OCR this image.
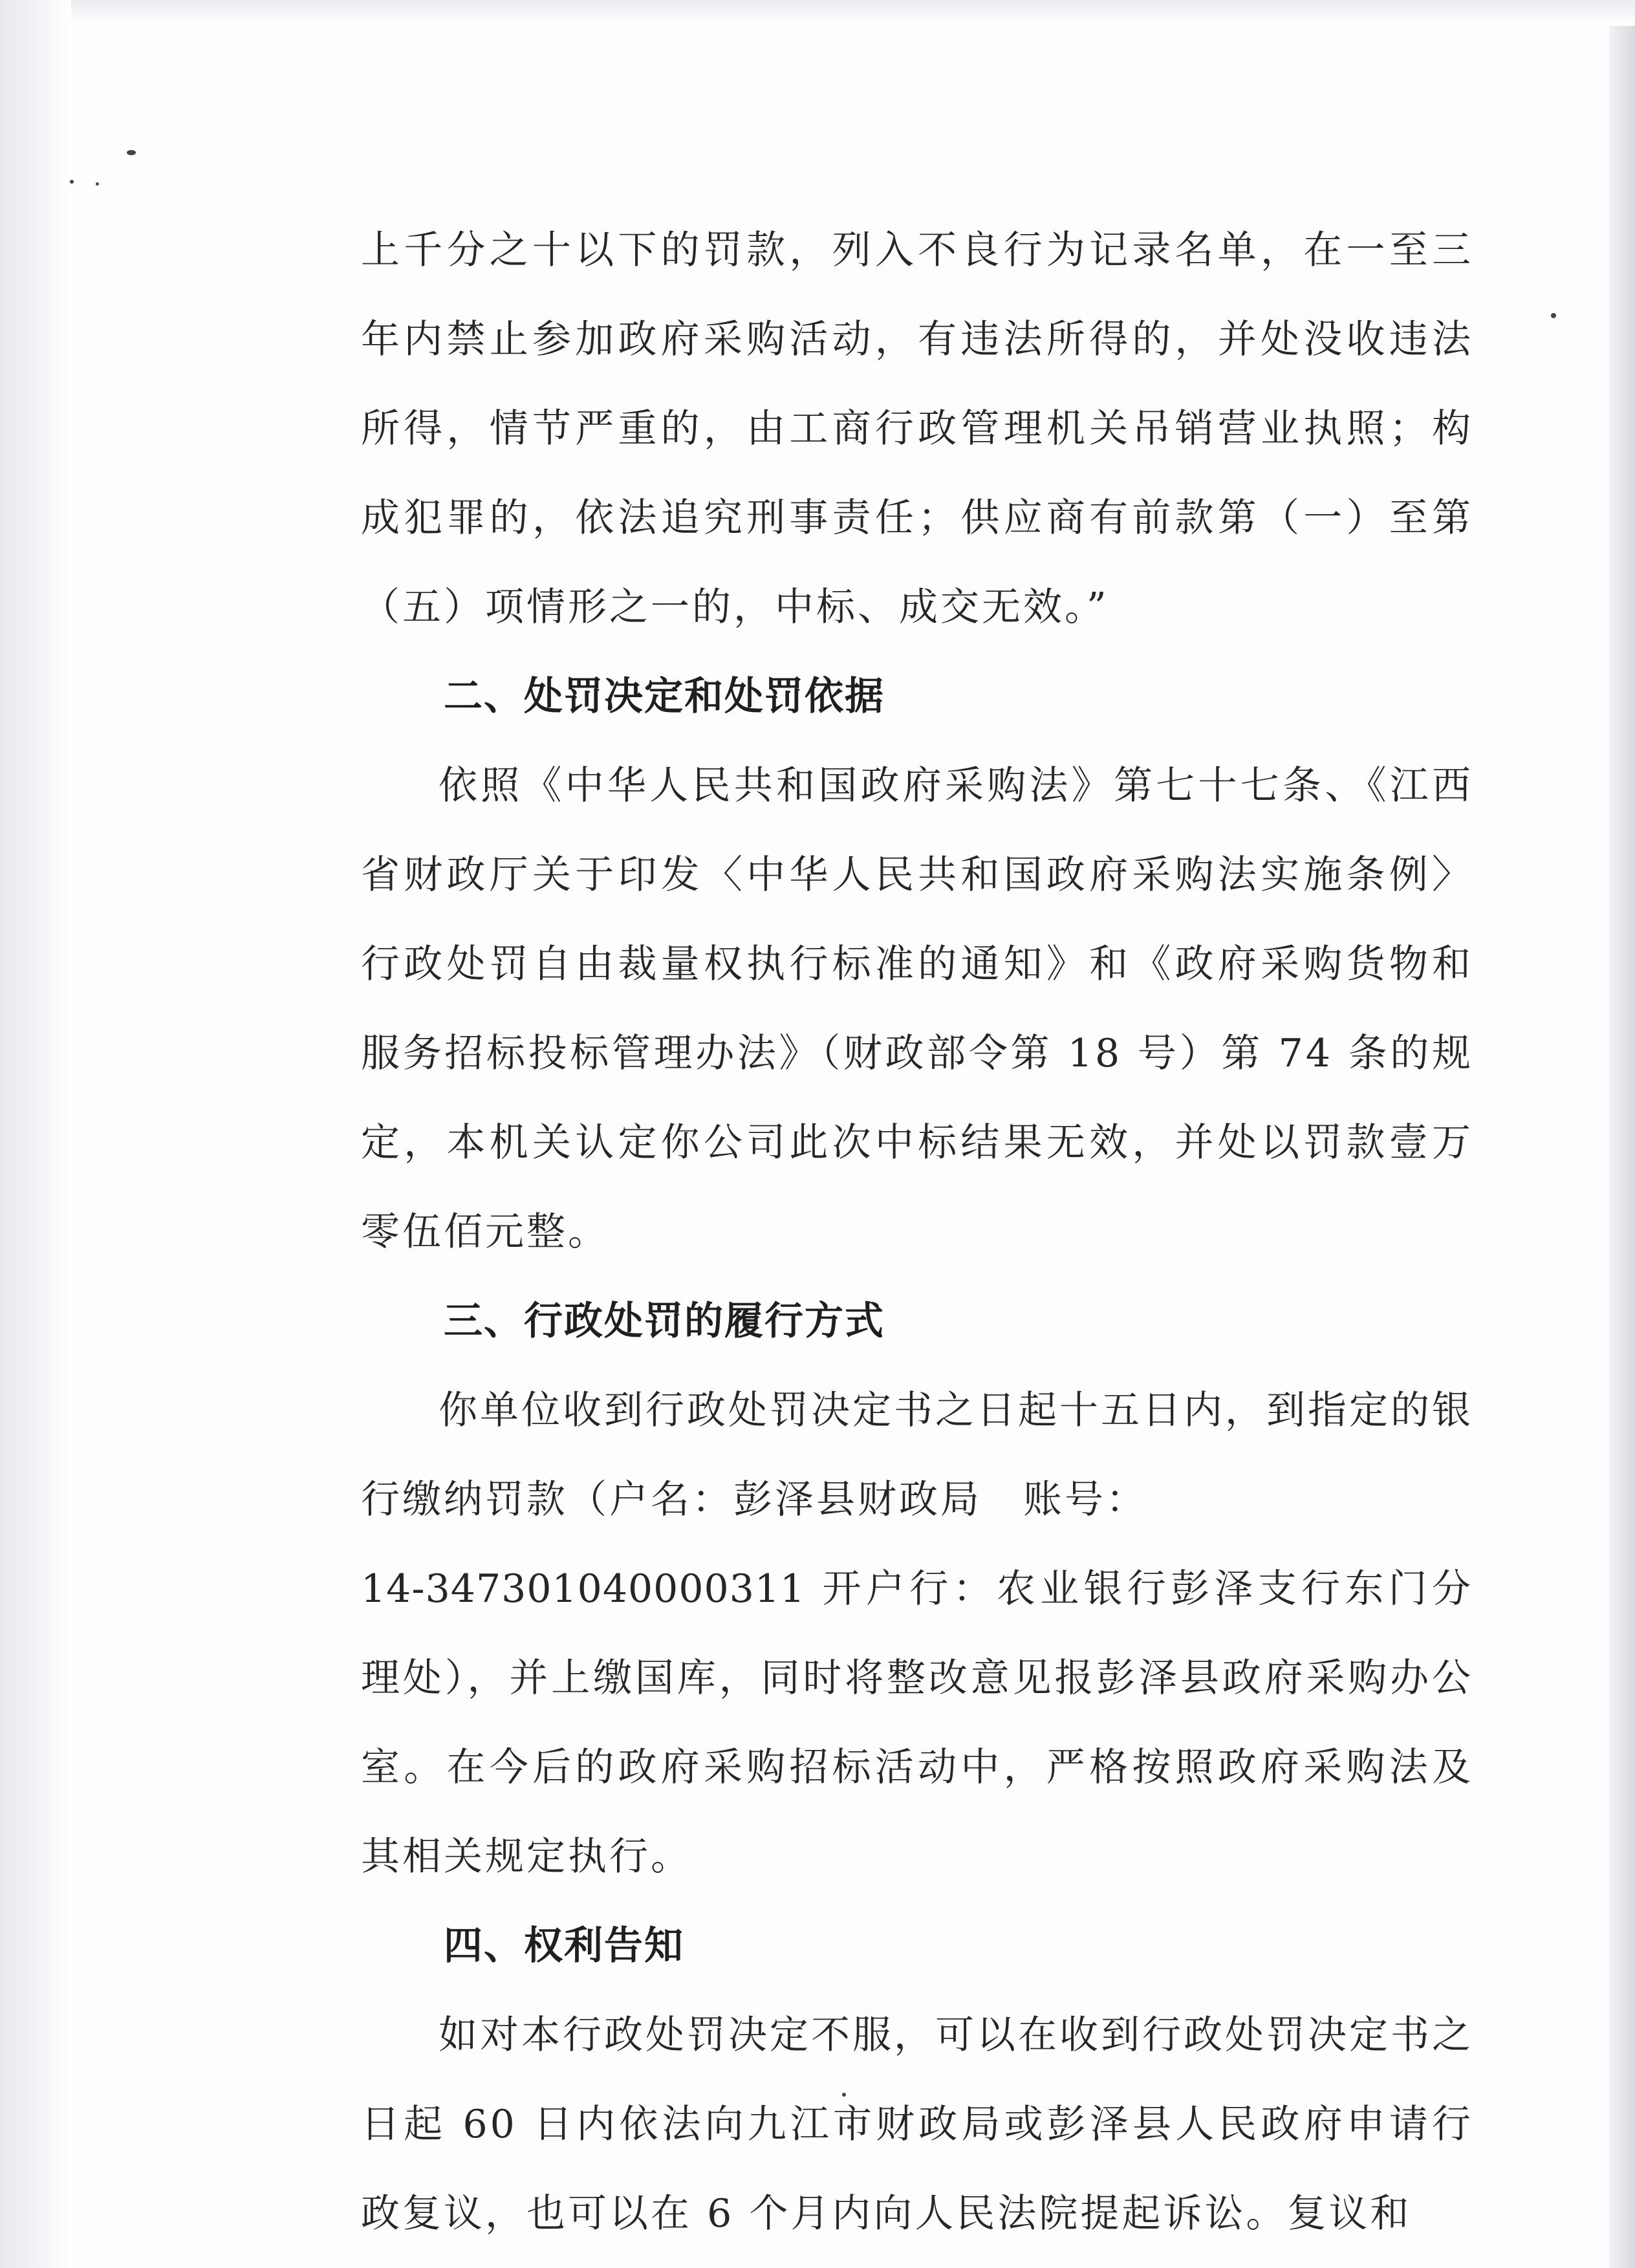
上千分之十以下的罚款，列入不良行为记录名单，在一至三年内禁止参加政府采购活动，有违法所得的，并处没收违法所得，情节严重的，由工商行政管理机关吊销营业执照；构成犯罪的，依法追究刑事责任；供应商有前款第（一）至第（五）项情形之一的，中标、成交无效。”

二、处罚决定和处罚依据

依照《中华人民共和国政府采购法》第七十七条、《江西省财政厅关于印发〈中华人民共和国政府采购法实施条例〉行政处罚自由裁量权执行标准的通知》和《政府采购货物和服务招标投标管理办法》（财政部令第 18 号）第 74 条的规定，本机关认定你公司此次中标结果无效，并处以罚款壹万零伍佰元整。

三、行政处罚的履行方式

你单位收到行政处罚决定书之日起十五日内，到指定的银行缴纳罚款（户名：彭泽县财政局　账号：
14-347301040000311 开户行：农业银行彭泽支行东门分理处），并上缴国库，同时将整改意见报彭泽县政府采购办公室。在今后的政府采购招标活动中，严格按照政府采购法及其相关规定执行。

四、权利告知

如对本行政处罚决定不服，可以在收到行政处罚决定书之日起 60 日内依法向九江市财政局或彭泽县人民政府申请行政复议，也可以在 6 个月内向人民法院提起诉讼。复议和
